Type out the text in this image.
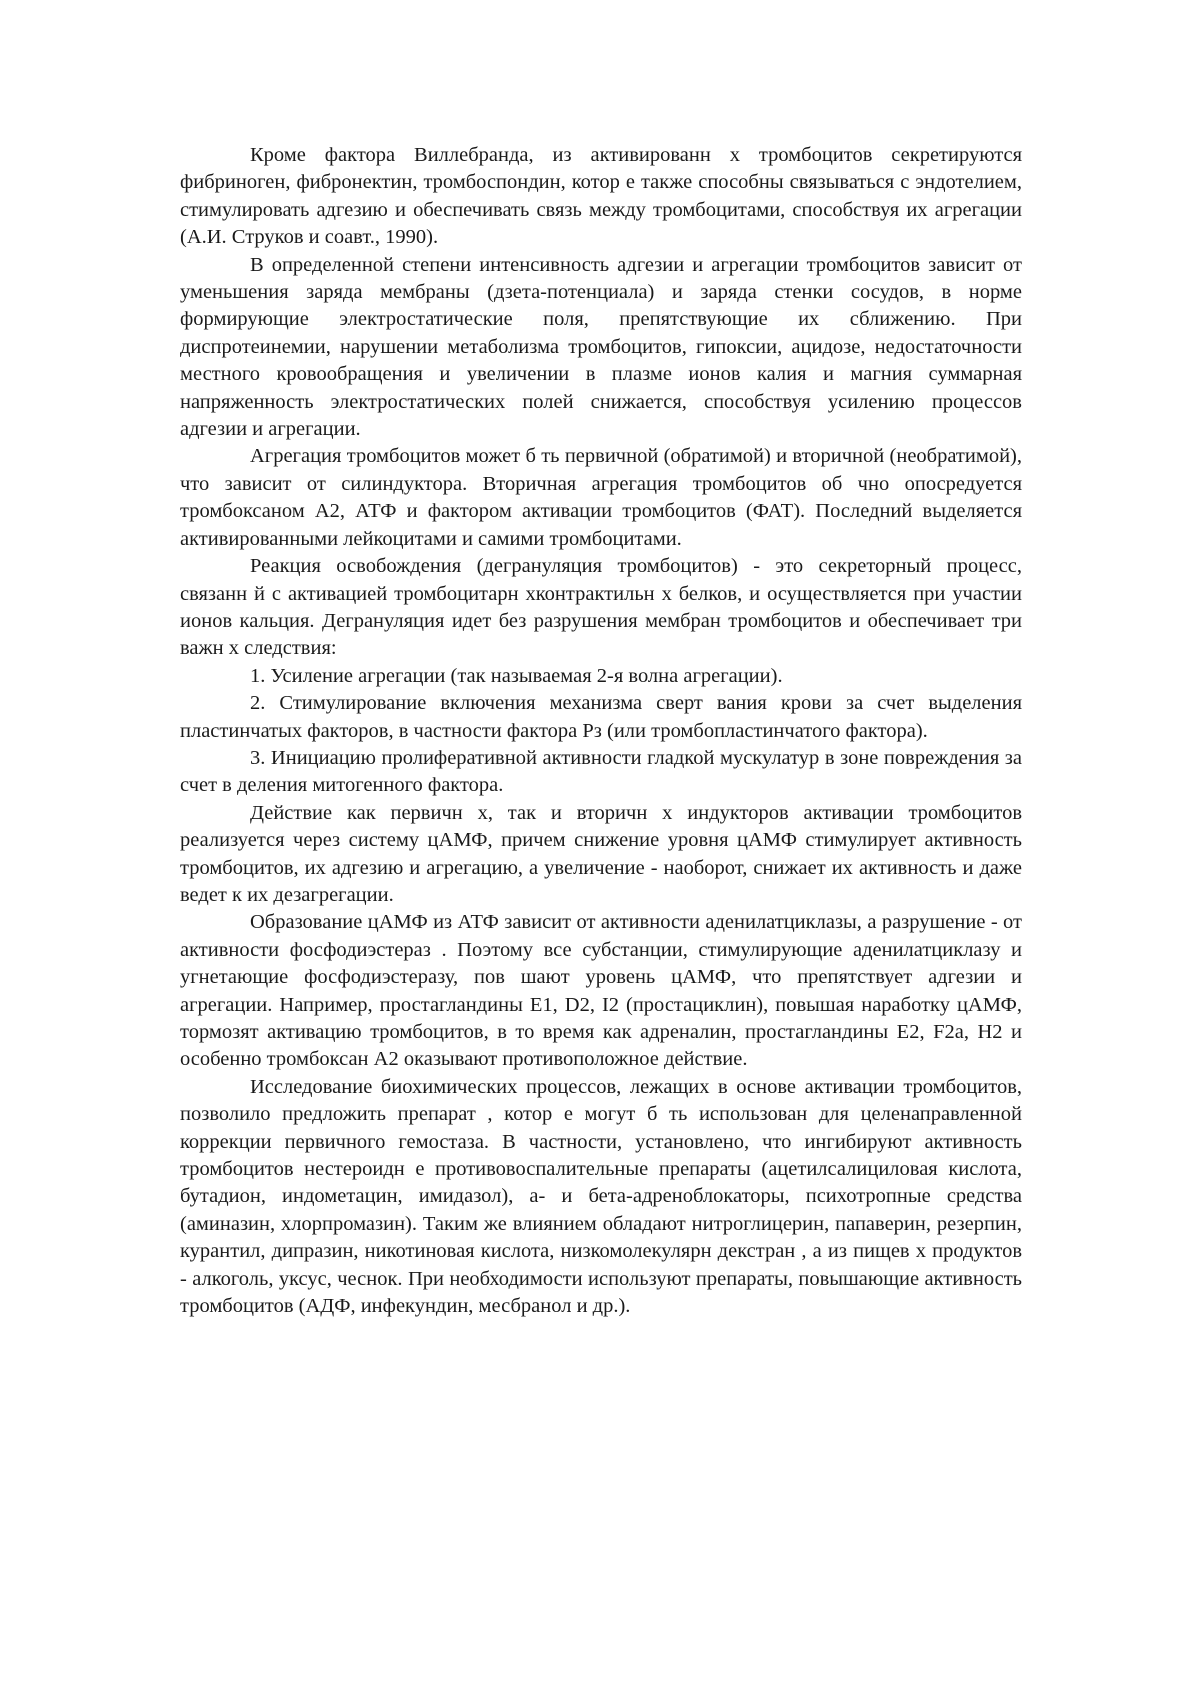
Кроме фактора Виллебранда, из активированн х тромбоцитов секретируются фибриноген, фибронектин, тромбоспондин, котор е также способны связываться с эндотелием, стимулировать адгезию и обеспечивать связь между тромбоцитами, способствуя их агрегации (А.И. Струков и соавт., 1990).

В определенной степени интенсивность адгезии и агрегации тромбоцитов зависит от уменьшения заряда мембраны (дзета-потенциала) и заряда стенки сосудов, в норме формирующие электростатические поля, препятствующие их сближению. При диспротеинемии, нарушении метаболизма тромбоцитов, гипоксии, ацидозе, недостаточности местного кровообращения и увеличении в плазме ионов калия и магния суммарная напряженность электростатических полей снижается, способствуя усилению процессов адгезии и агрегации.

Агрегация тромбоцитов может б ть первичной (обратимой) и вторичной (необратимой), что зависит от силиндуктора. Вторичная агрегация тромбоцитов об чно опосредуется тромбоксаном А2, АТФ и фактором активации тромбоцитов (ФАТ). Последний выделяется активированными лейкоцитами и самими тромбоцитами.

Реакция освобождения (дегрануляция тромбоцитов) - это секреторный процесс, связанн й с активацией тромбоцитарн хконтрактильн х белков, и осуществляется при участии ионов кальция. Дегрануляция идет без разрушения мембран тромбоцитов и обеспечивает три важн х следствия:

1. Усиление агрегации (так называемая 2-я волна агрегации).

2. Стимулирование включения механизма сверт вания крови за счет выделения пластинчатых факторов, в частности фактора Рз (или тромбопластинчатого фактора).

3. Инициацию пролиферативной активности гладкой мускулатур в зоне повреждения за счет в деления митогенного фактора.

Действие как первичн х, так и вторичн х индукторов активации тромбоцитов реализуется через систему цАМФ, причем снижение уровня цАМФ стимулирует активность тромбоцитов, их адгезию и агрегацию, а увеличение - наоборот, снижает их активность и даже ведет к их дезагрегации.

Образование цАМФ из АТФ зависит от активности аденилатциклазы, а разрушение - от активности фосфодиэстераз . Поэтому все субстанции, стимулирующие аденилатциклазу и угнетающие фосфодиэстеразу, пов шают уровень цАМФ, что препятствует адгезии и агрегации. Например, простагландины Е1, D2, I2 (простациклин), повышая наработку цАМФ, тормозят активацию тромбоцитов, в то время как адреналин, простагландины Е2, F2a, Н2 и особенно тромбоксан А2 оказывают противоположное действие.

Исследование биохимических процессов, лежащих в основе активации тромбоцитов, позволило предложить препарат , котор е могут б ть использован для целенаправленной коррекции первичного гемостаза. В частности, установлено, что ингибируют активность тромбоцитов нестероидн е противовоспалительные препараты (ацетилсалициловая кислота, бутадион, индометацин, имидазол), а- и бета-адреноблокаторы, психотропные средства (аминазин, хлорпромазин). Таким же влиянием обладают нитроглицерин, папаверин, резерпин, курантил, дипразин, никотиновая кислота, низкомолекулярн декстран , а из пищев х продуктов - алкоголь, уксус, чеснок. При необходимости используют препараты, повышающие активность тромбоцитов (АДФ, инфекундин, месбранол и др.).
